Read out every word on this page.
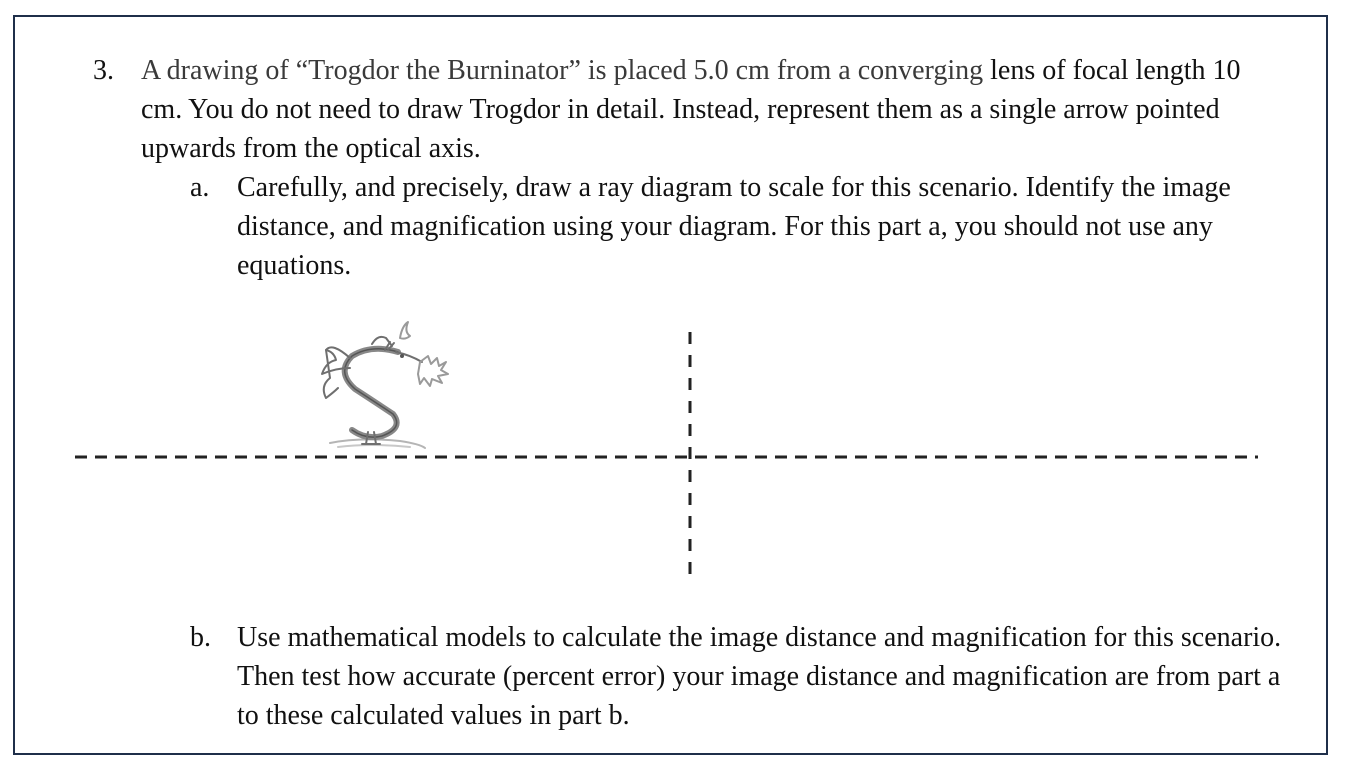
3. A drawing of “Trogdor the Burninator” is placed 5.0 cm from a converging lens of focal length 10 cm. You do not need to draw Trogdor in detail. Instead, represent them as a single arrow pointed upwards from the optical axis.
a. Carefully, and precisely, draw a ray diagram to scale for this scenario. Identify the image distance, and magnification using your diagram. For this part a, you should not use any equations.
b. Use mathematical models to calculate the image distance and magnification for this scenario. Then test how accurate (percent error) your image distance and magnification are from part a to these calculated values in part b.
